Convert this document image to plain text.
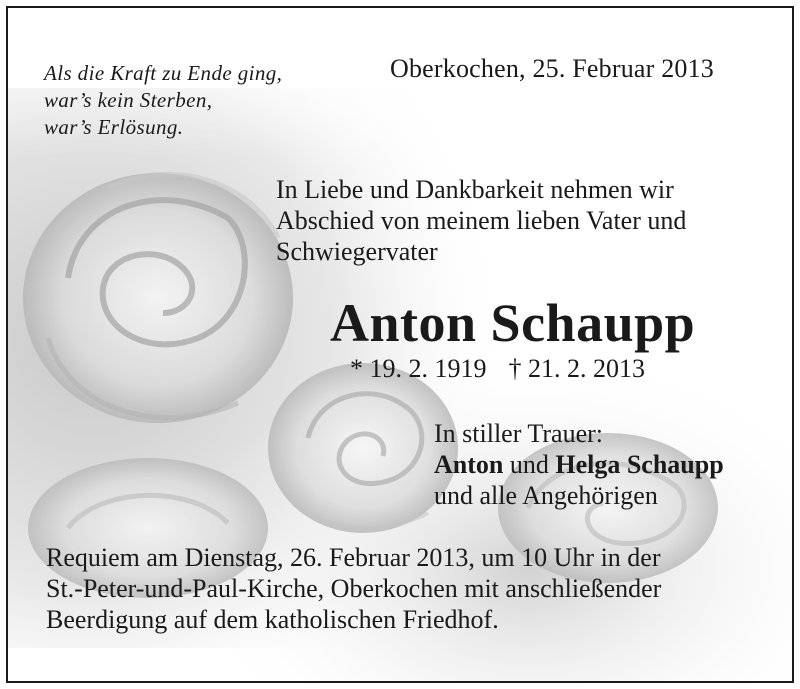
Als die Kraft zu Ende ging,
war’s kein Sterben,
war’s Erlösung.
Oberkochen, 25. Februar 2013
In Liebe und Dankbarkeit nehmen wir
Abschied von meinem lieben Vater und
Schwiegervater
Anton Schaupp
* 19. 2. 1919 † 21. 2. 2013
In stiller Trauer:
Anton und Helga Schaupp
und alle Angehörigen
Requiem am Dienstag, 26. Februar 2013, um 10 Uhr in der
St.-Peter-und-Paul-Kirche, Oberkochen mit anschließender
Beerdigung auf dem katholischen Friedhof.
